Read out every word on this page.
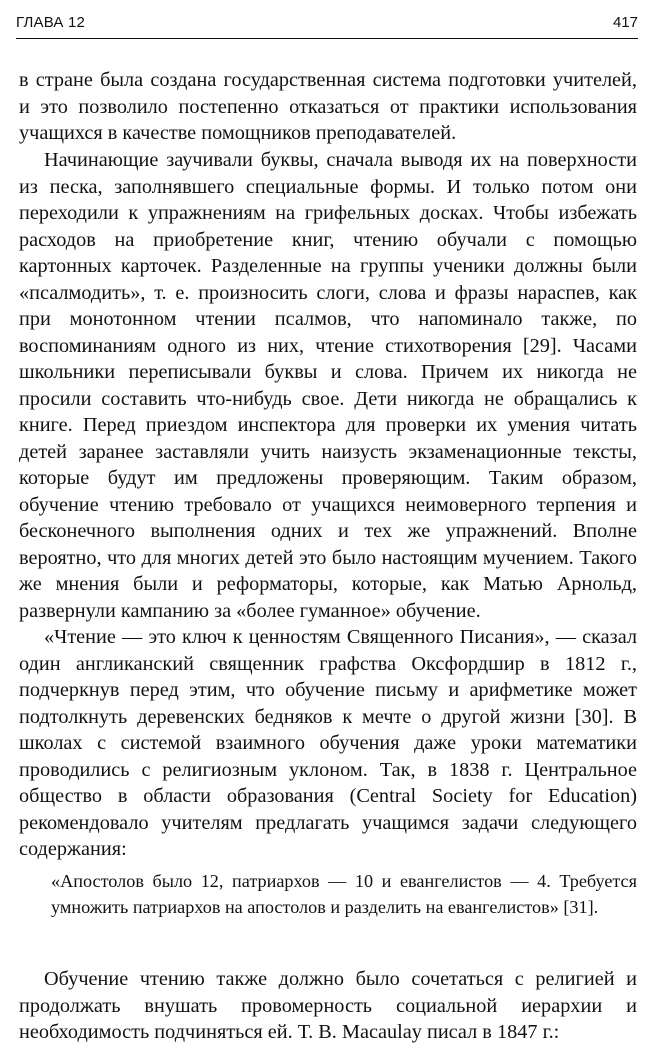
ГЛАВА 12	417

в стране была создана государственная система подготовки учителей, и это позволило постепенно отказаться от практики использования учащихся в качестве помощников преподавателей.

Начинающие заучивали буквы, сначала выводя их на поверхности из песка, заполнявшего специальные формы. И только потом они переходили к упражнениям на грифельных досках. Чтобы избежать расходов на приобретение книг, чтению обучали с помощью картонных карточек. Разделенные на группы ученики должны были «псалмодить», т. е. произносить слоги, слова и фразы нараспев, как при монотонном чтении псалмов, что напоминало также, по воспоминаниям одного из них, чтение стихотворения [29]. Часами школьники переписывали буквы и слова. Причем их никогда не просили составить что-нибудь свое. Дети никогда не обращались к книге. Перед приездом инспектора для проверки их умения читать детей заранее заставляли учить наизусть экзаменационные тексты, которые будут им предложены проверяющим. Таким образом, обучение чтению требовало от учащихся неимоверного терпения и бесконечного выполнения одних и тех же упражнений. Вполне вероятно, что для многих детей это было настоящим мучением. Такого же мнения были и реформаторы, которые, как Матью Арнольд, развернули кампанию за «более гуманное» обучение.

«Чтение — это ключ к ценностям Священного Писания», — сказал один англиканский священник графства Оксфордшир в 1812 г., подчеркнув перед этим, что обучение письму и арифметике может подтолкнуть деревенских бедняков к мечте о другой жизни [30]. В школах с системой взаимного обучения даже уроки математики проводились с религиозным уклоном. Так, в 1838 г. Центральное общество в области образования (Central Society for Education) рекомендовало учителям предлагать учащимся задачи следующего содержания:

«Апостолов было 12, патриархов — 10 и евангелистов — 4. Требуется умножить патриархов на апостолов и разделить на евангелистов» [31].

Обучение чтению также должно было сочетаться с религией и продолжать внушать провомерность социальной иерархии и необходимость подчиняться ей. Т. В. Macaulay писал в 1847 г.:
